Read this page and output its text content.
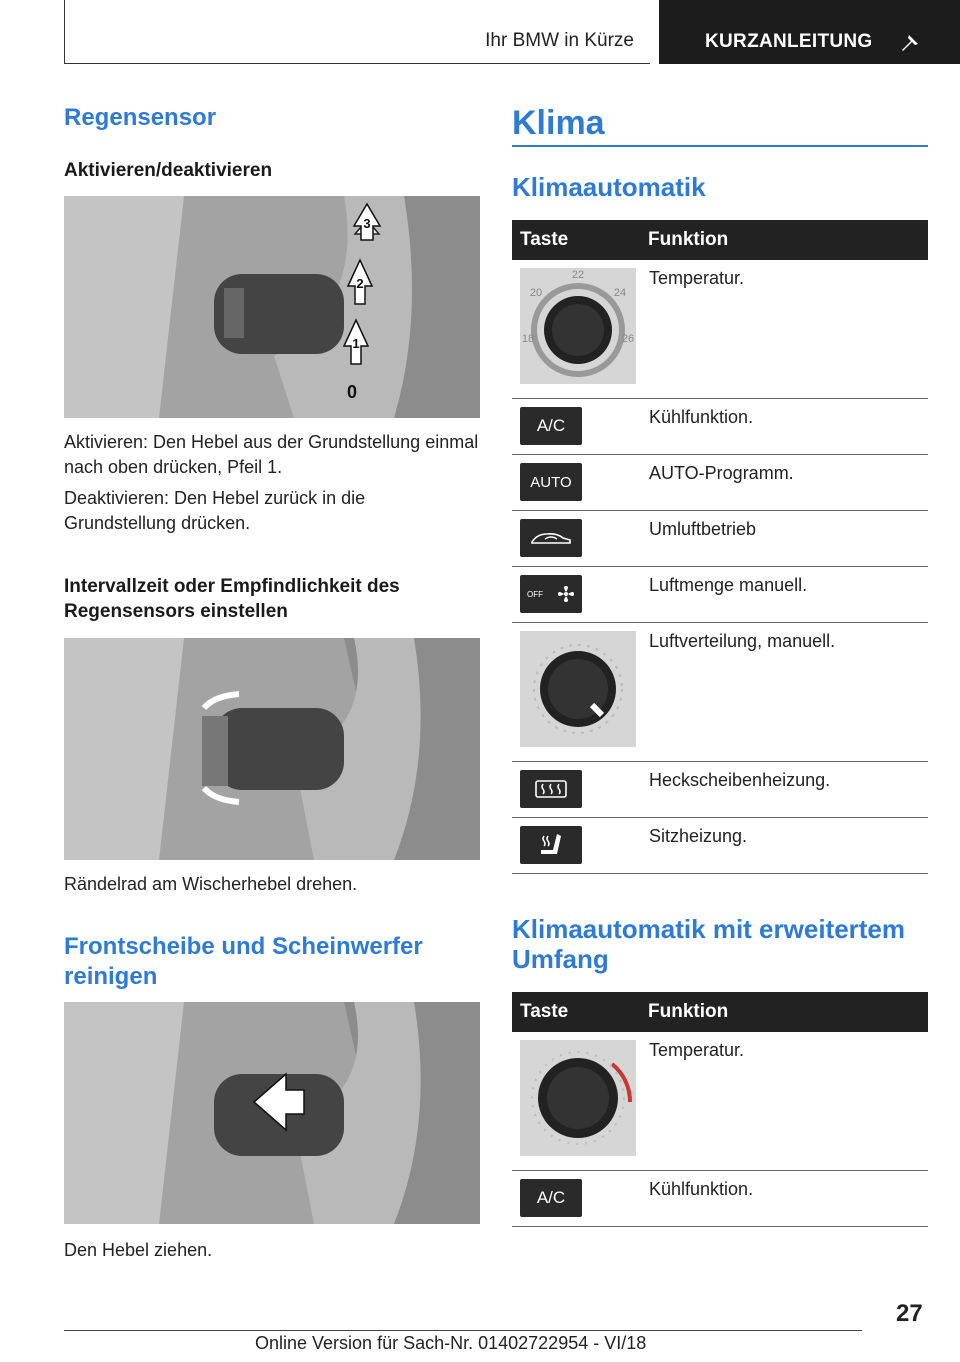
Ihr BMW in Kürze	KURZANLEITUNG
Regensensor
Aktivieren/deaktivieren
3
2
1
0
Aktivieren: Den Hebel aus der Grundstellung einmal nach oben drücken, Pfeil 1.
Deaktivieren: Den Hebel zurück in die Grundstellung drücken.
Intervallzeit oder Empfindlichkeit des Regensensors einstellen
Rändelrad am Wischerhebel drehen.
Frontscheibe und Scheinwerfer reinigen
Den Hebel ziehen.
Klima
Klimaautomatik
Taste	Funktion

22
20 24
18 26	Temperatur.

A/C	Kühlfunktion.

AUTO	AUTO-Programm.

	Umluftbetrieb

OFF	Luftmenge manuell.
	Luftverteilung, manuell.

	Heckscheibenheizung.

	Sitzheizung.
Klimaautomatik mit erweitertem Umfang
Taste	Funktion
	Temperatur.

A/C	Kühlfunktion.
27
Online Version für Sach-Nr. 01402722954 - VI/18
